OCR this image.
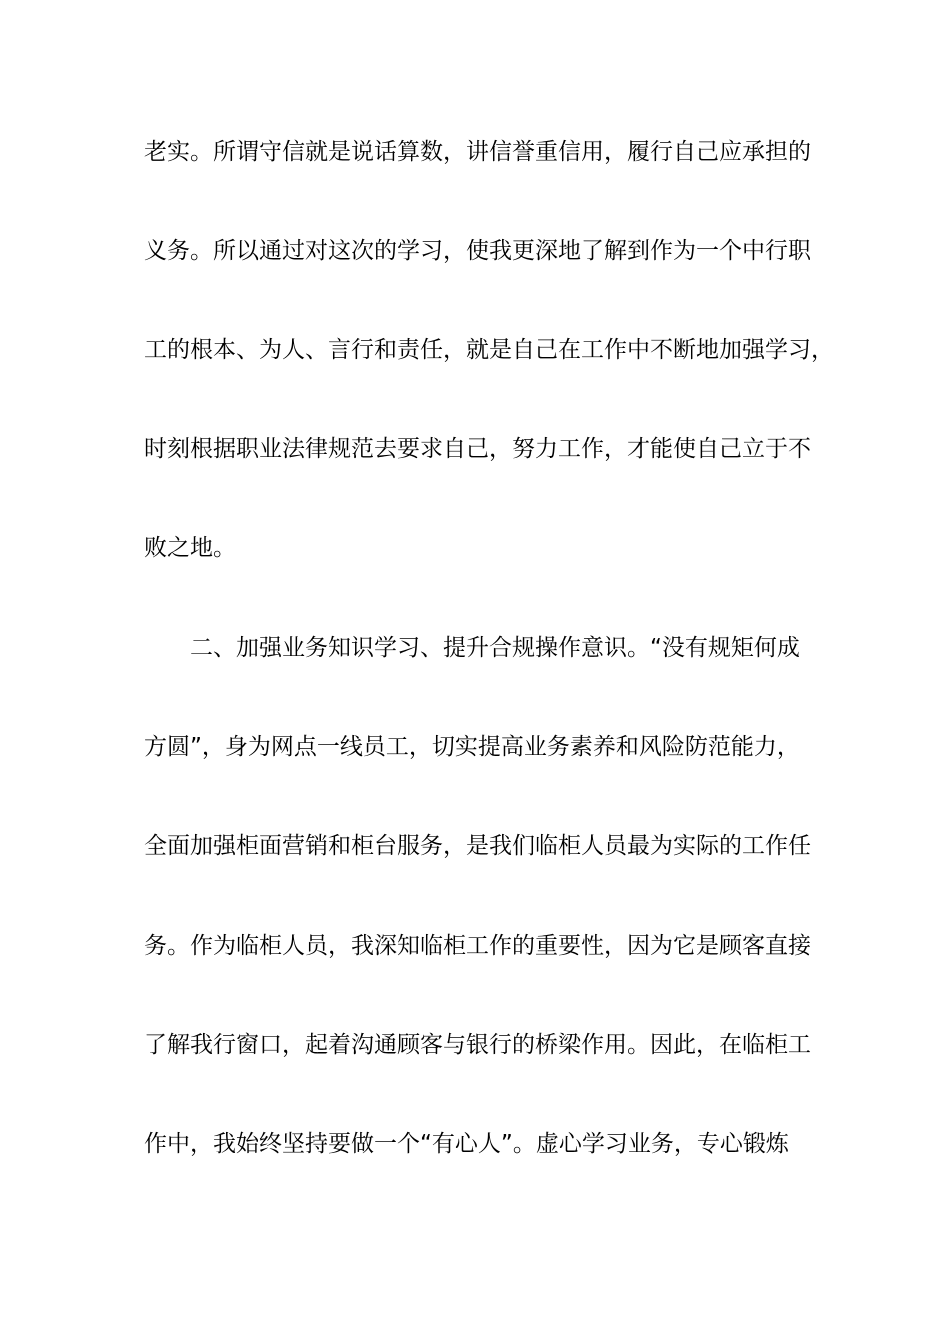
老实。所谓守信就是说话算数，讲信誉重信用，履行自己应承担的
义务。所以通过对这次的学习，使我更深地了解到作为一个中行职
工的根本、为人、言行和责任，就是自己在工作中不断地加强学习，
时刻根据职业法律规范去要求自己，努力工作，才能使自己立于不
败之地。
二、加强业务知识学习、提升合规操作意识。“没有规矩何成
方圆”，身为网点一线员工，切实提高业务素养和风险防范能力，
全面加强柜面营销和柜台服务，是我们临柜人员最为实际的工作任
务。作为临柜人员，我深知临柜工作的重要性，因为它是顾客直接
了解我行窗口，起着沟通顾客与银行的桥梁作用。因此，在临柜工
作中，我始终坚持要做一个“有心人”。虚心学习业务，专心锻炼
